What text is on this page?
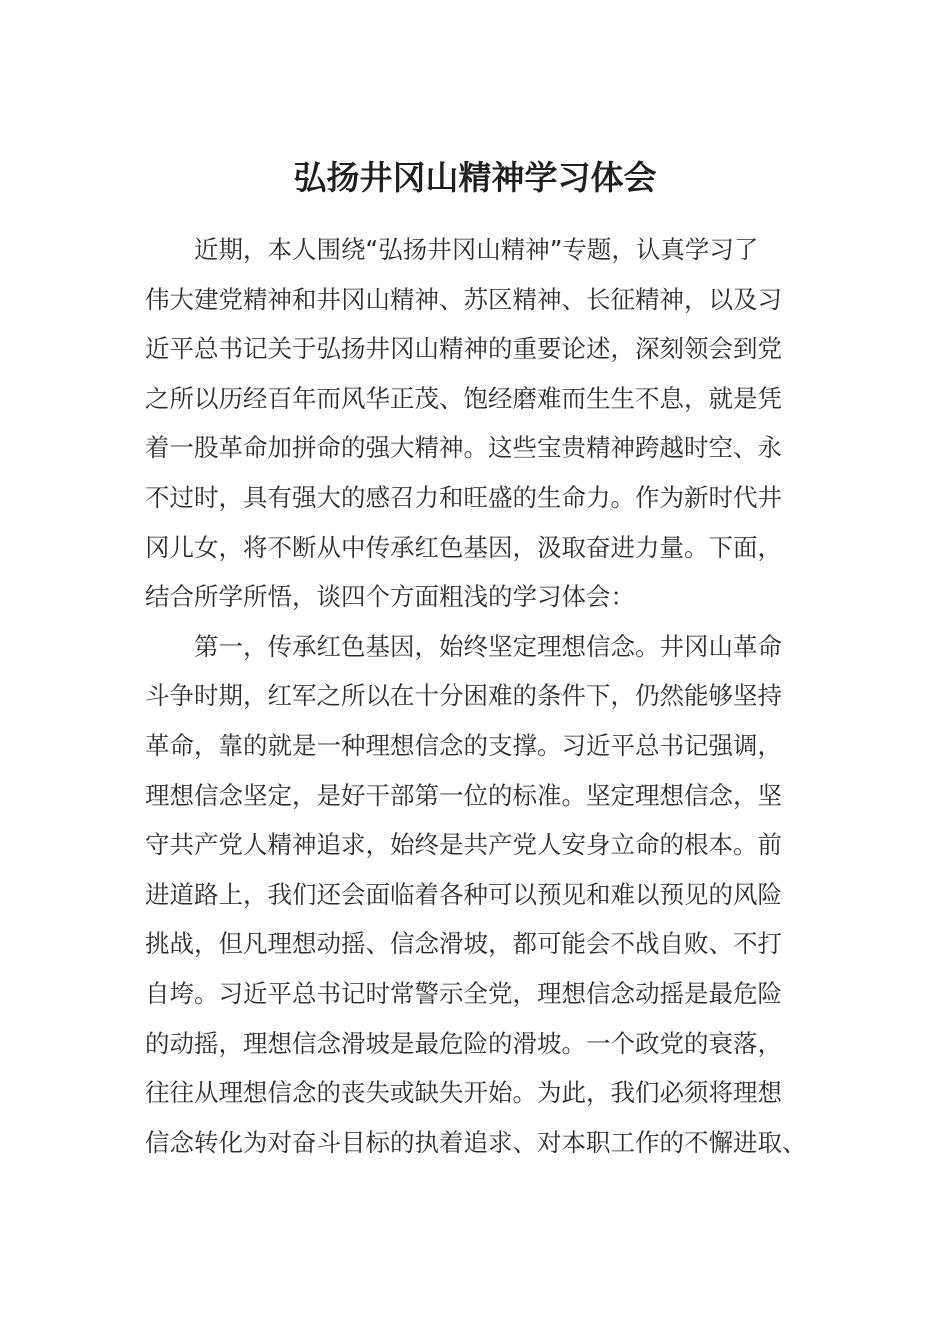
弘扬井冈山精神学习体会
近期，本人围绕“弘扬井冈山精神”专题，认真学习了
伟大建党精神和井冈山精神、苏区精神、长征精神，以及习
近平总书记关于弘扬井冈山精神的重要论述，深刻领会到党
之所以历经百年而风华正茂、饱经磨难而生生不息，就是凭
着一股革命加拼命的强大精神。这些宝贵精神跨越时空、永
不过时，具有强大的感召力和旺盛的生命力。作为新时代井
冈儿女，将不断从中传承红色基因，汲取奋进力量。下面，
结合所学所悟，谈四个方面粗浅的学习体会：
第一，传承红色基因，始终坚定理想信念。井冈山革命
斗争时期，红军之所以在十分困难的条件下，仍然能够坚持
革命，靠的就是一种理想信念的支撑。习近平总书记强调，
理想信念坚定，是好干部第一位的标准。坚定理想信念，坚
守共产党人精神追求，始终是共产党人安身立命的根本。前
进道路上，我们还会面临着各种可以预见和难以预见的风险
挑战，但凡理想动摇、信念滑坡，都可能会不战自败、不打
自垮。习近平总书记时常警示全党，理想信念动摇是最危险
的动摇，理想信念滑坡是最危险的滑坡。一个政党的衰落，
往往从理想信念的丧失或缺失开始。为此，我们必须将理想
信念转化为对奋斗目标的执着追求、对本职工作的不懈进取、
